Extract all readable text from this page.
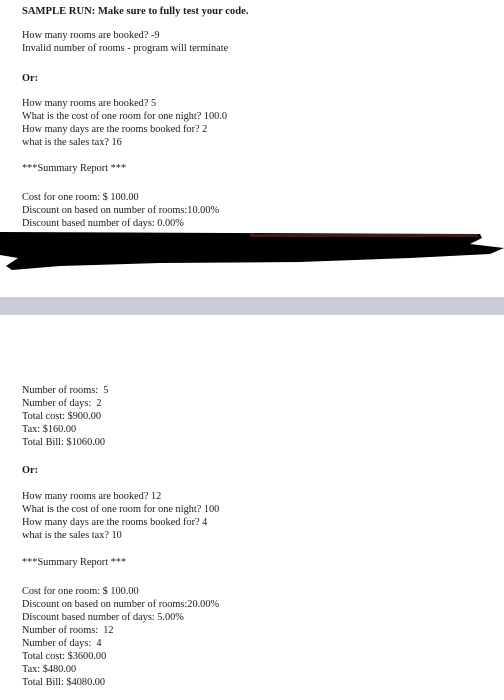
SAMPLE RUN: Make sure to fully test your code.
How many rooms are booked? -9
Invalid number of rooms - program will terminate
Or:
How many rooms are booked? 5
What is the cost of one room for one night? 100.0
How many days are the rooms booked for? 2
what is the sales tax? 16
***Summary Report ***
Cost for one room: $ 100.00
Discount on based on number of rooms:10.00%
Discount based number of days: 0.00%
Number of rooms:  5
Number of days:  2
Total cost: $900.00
Tax: $160.00
Total Bill: $1060.00
Or:
How many rooms are booked? 12
What is the cost of one room for one night? 100
How many days are the rooms booked for? 4
what is the sales tax? 10
***Summary Report ***
Cost for one room: $ 100.00
Discount on based on number of rooms:20.00%
Discount based number of days: 5.00%
Number of rooms:  12
Number of days:  4
Total cost: $3600.00
Tax: $480.00
Total Bill: $4080.00
